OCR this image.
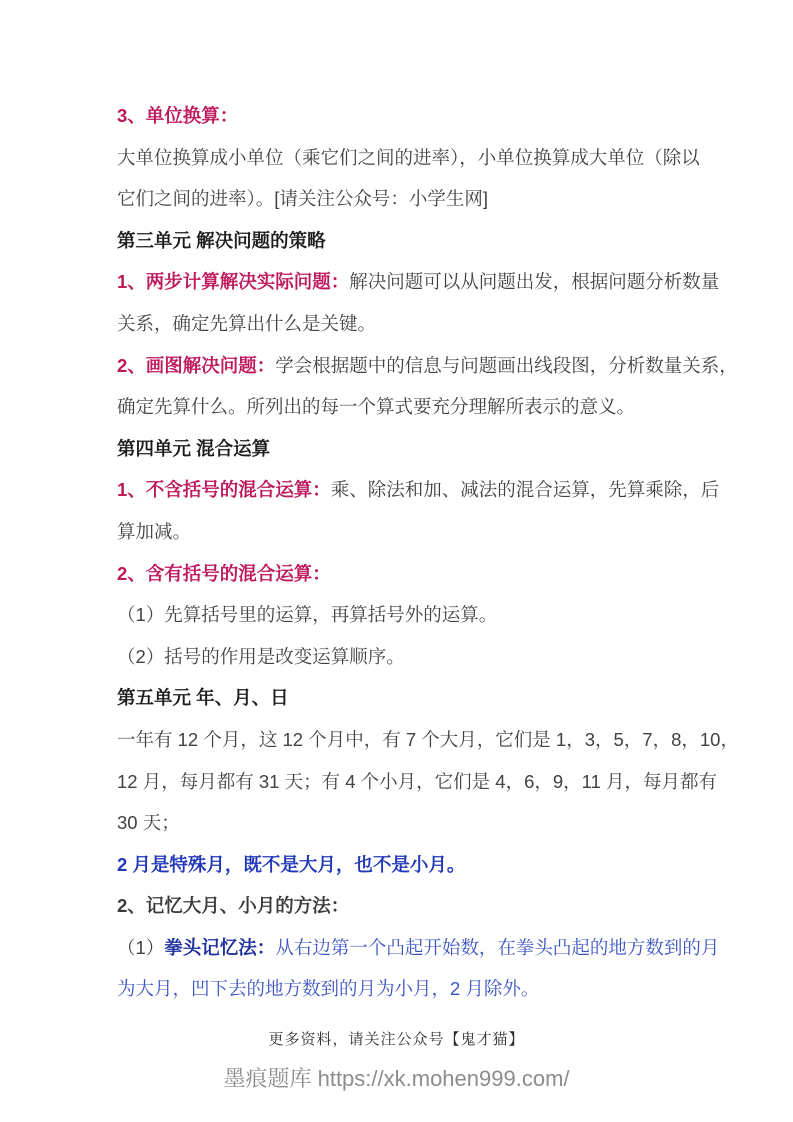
3、单位换算：
大单位换算成小单位（乘它们之间的进率），小单位换算成大单位（除以
它们之间的进率）。[请关注公众号：小学生网]
第三单元 解决问题的策略
1、两步计算解决实际问题：解决问题可以从问题出发，根据问题分析数量
关系，确定先算出什么是关键。
2、画图解决问题：学会根据题中的信息与问题画出线段图，分析数量关系，
确定先算什么。所列出的每一个算式要充分理解所表示的意义。
第四单元 混合运算
1、不含括号的混合运算：乘、除法和加、减法的混合运算，先算乘除，后
算加减。
2、含有括号的混合运算：
（1）先算括号里的运算，再算括号外的运算。
（2）括号的作用是改变运算顺序。
第五单元 年、月、日
一年有 12 个月，这 12 个月中，有 7 个大月，它们是 1，3，5，7，8，10，
12 月，每月都有 31 天；有 4 个小月，它们是 4，6，9，11 月，每月都有
30 天；
2 月是特殊月，既不是大月，也不是小月。
2、记忆大月、小月的方法：
（1）拳头记忆法：从右边第一个凸起开始数，在拳头凸起的地方数到的月
为大月，凹下去的地方数到的月为小月，2 月除外。
更多资料，请关注公众号【鬼才猫】
墨痕题库 https://xk.mohen999.com/
